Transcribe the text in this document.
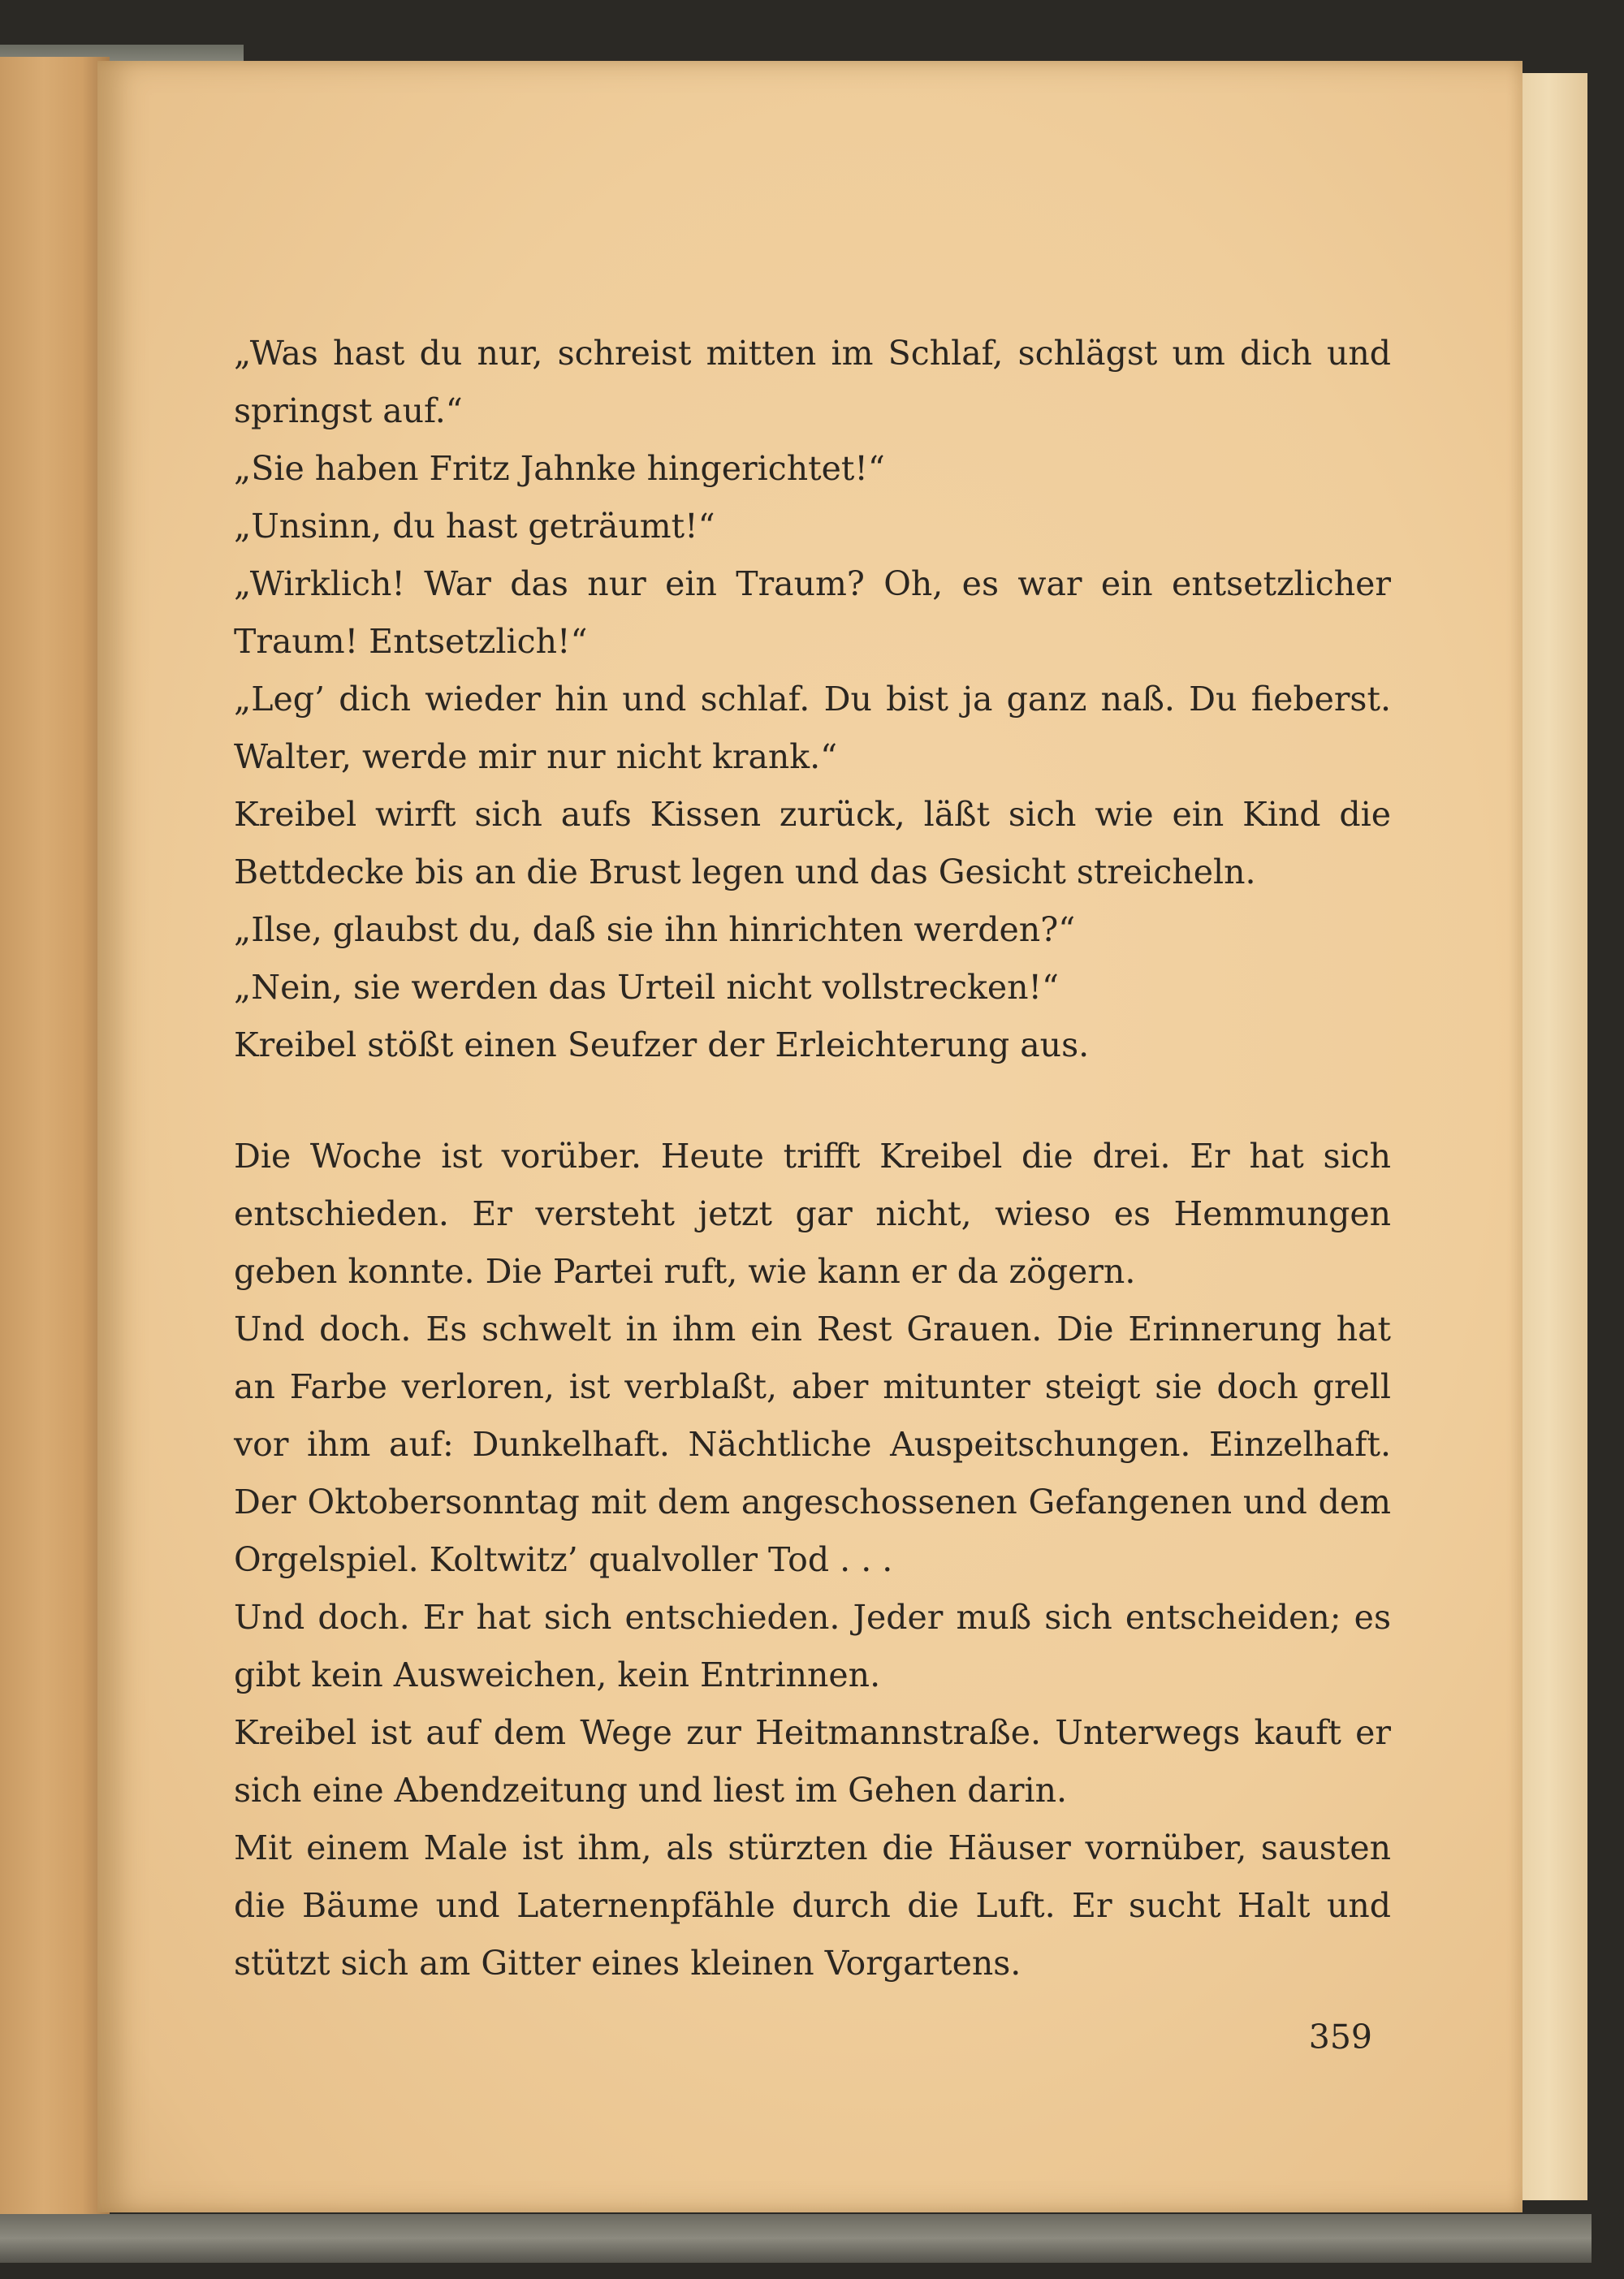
„Was hast du nur, schreist mitten im Schlaf, schlägst um dich und springst auf.“

„Sie haben Fritz Jahnke hingerichtet!“

„Unsinn, du hast geträumt!“

„Wirklich! War das nur ein Traum? Oh, es war ein entsetzlicher Traum! Entsetzlich!“

„Leg’ dich wieder hin und schlaf. Du bist ja ganz naß. Du fieberst. Walter, werde mir nur nicht krank.“

Kreibel wirft sich aufs Kissen zurück, läßt sich wie ein Kind die Bettdecke bis an die Brust legen und das Gesicht streicheln.

„Ilse, glaubst du, daß sie ihn hinrichten werden?“

„Nein, sie werden das Urteil nicht vollstrecken!“

Kreibel stößt einen Seufzer der Erleichterung aus.

Die Woche ist vorüber. Heute trifft Kreibel die drei. Er hat sich entschieden. Er versteht jetzt gar nicht, wieso es Hemmungen geben konnte. Die Partei ruft, wie kann er da zögern.

Und doch. Es schwelt in ihm ein Rest Grauen. Die Erinnerung hat an Farbe verloren, ist verblaßt, aber mitunter steigt sie doch grell vor ihm auf: Dunkelhaft. Nächtliche Auspeitschungen. Einzelhaft. Der Oktobersonntag mit dem angeschossenen Gefangenen und dem Orgelspiel. Koltwitz’ qualvoller Tod . . .

Und doch. Er hat sich entschieden. Jeder muß sich entscheiden; es gibt kein Ausweichen, kein Entrinnen.

Kreibel ist auf dem Wege zur Heitmannstraße. Unterwegs kauft er sich eine Abendzeitung und liest im Gehen darin.

Mit einem Male ist ihm, als stürzten die Häuser vornüber, sausten die Bäume und Laternenpfähle durch die Luft. Er sucht Halt und stützt sich am Gitter eines kleinen Vorgartens.

359
